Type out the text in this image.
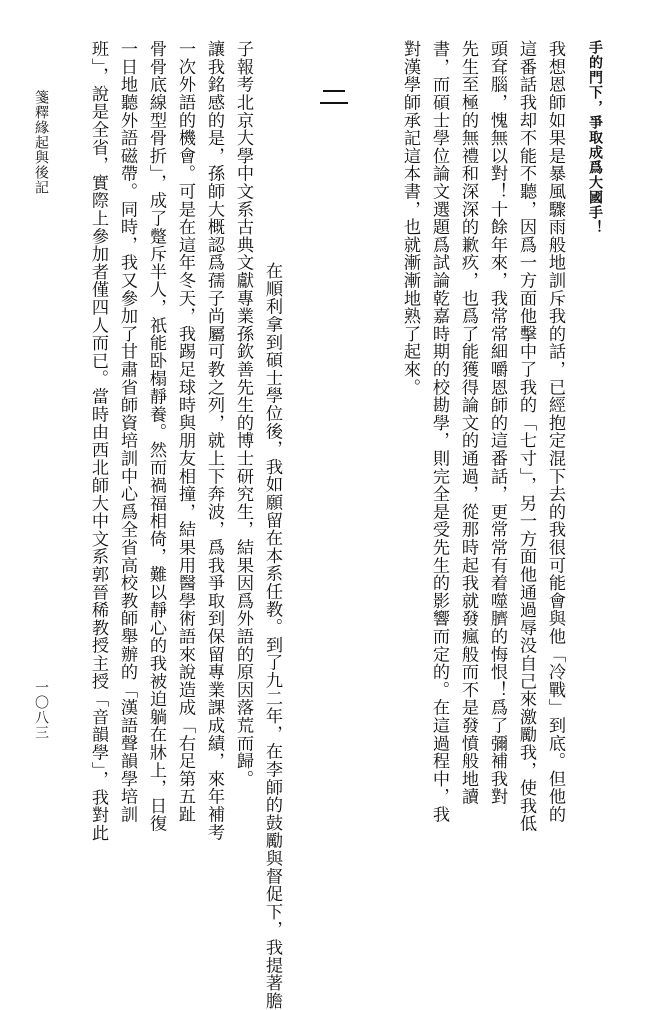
手的門下，爭取成爲大國手！
我想恩師如果是暴風驟雨般地訓斥我的話，已經抱定混下去的我很可能會與他「冷戰」到底。但他的
這番話我却不能不聽，因爲一方面他擊中了我的「七寸」，另一方面他通過辱没自己來激勵我，使我低
頭耷腦，愧無以對！十餘年來，我常常細嚼恩師的這番話，更常常有着噬臍的悔恨！爲了彌補我對
先生至極的無禮和深深的歉疚，也爲了能獲得論文的通過，從那時起我就發瘋般而不是發憤般地讀
書，而碩士學位論文選題爲試論乾嘉時期的校勘學，則完全是受先生的影響而定的。在這過程中，我
對漢學師承記這本書，也就漸漸地熟了起來。
在順利拿到碩士學位後，我如願留在本系任教。到了九二年，在李師的鼓勵與督促下，我提著膽
子報考北京大學中文系古典文獻專業孫欽善先生的博士研究生，結果因爲外語的原因落荒而歸。
讓我銘感的是，孫師大概認爲孺子尚屬可教之列，就上下奔波，爲我爭取到保留專業課成績，來年補考
一次外語的機會。可是在這年冬天，我踢足球時與朋友相撞，結果用醫學術語來說造成「右足第五趾
骨骨底線型骨折」，成了蹩斥半人，祇能卧榻靜養。然而禍福相倚，難以靜心的我被迫躺在牀上，日復
一日地聽外語磁帶。同時，我又參加了甘肅省師資培訓中心爲全省高校教師舉辦的「漢語聲韻學培訓
班」，說是全省，實際上參加者僅四人而已。當時由西北師大中文系郭晉稀教授主授「音韻學」，我對此
箋釋緣起與後記
一〇八三
